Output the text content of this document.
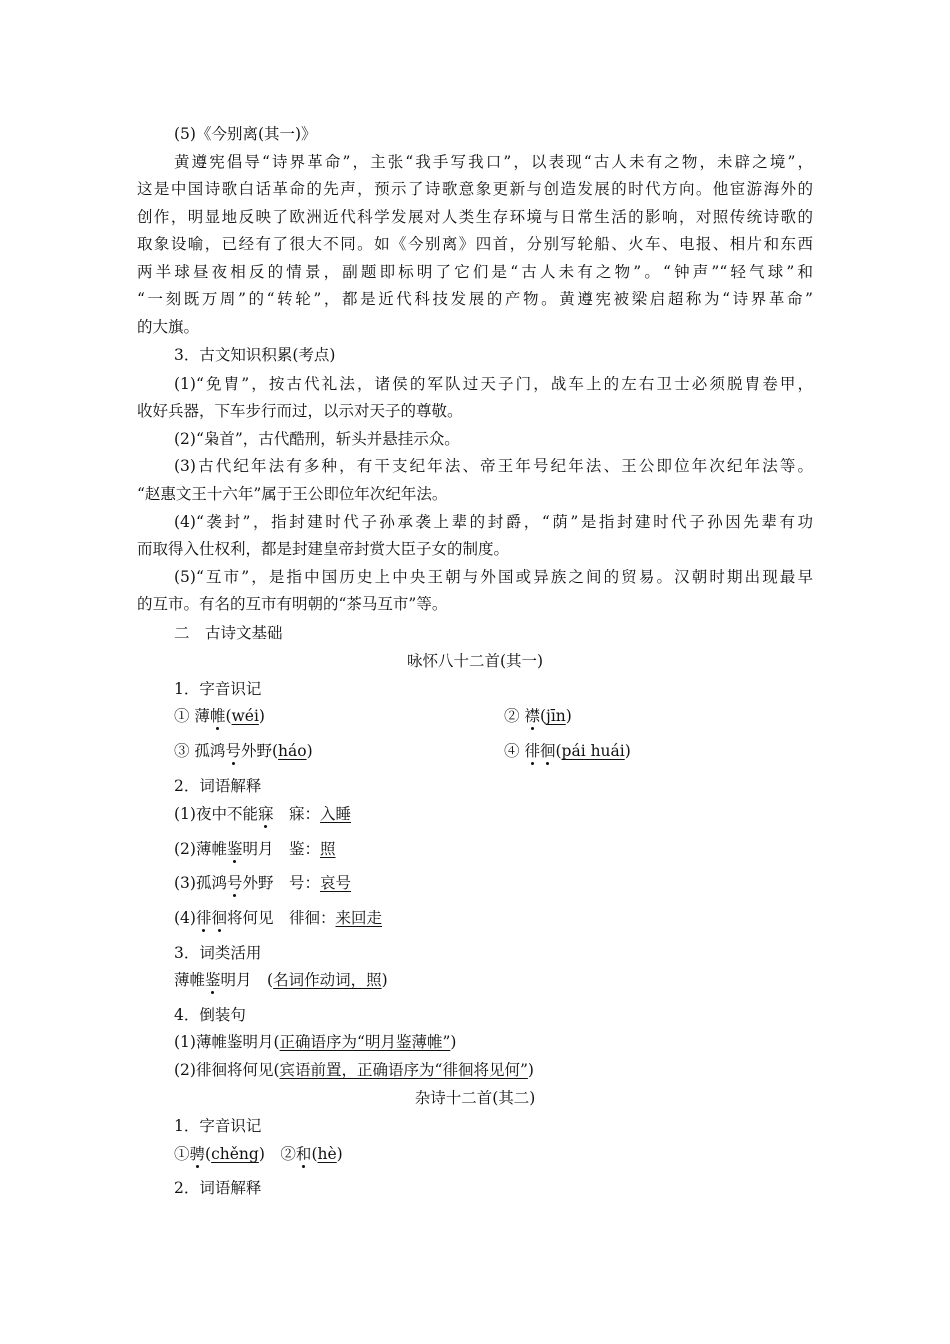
(5)《今别离(其一)》
黄遵宪倡导“诗界革命”，主张“我手写我口”，以表现“古人未有之物，未辟之境”，
这是中国诗歌白话革命的先声，预示了诗歌意象更新与创造发展的时代方向。他宦游海外的
创作，明显地反映了欧洲近代科学发展对人类生存环境与日常生活的影响，对照传统诗歌的
取象设喻，已经有了很大不同。如《今别离》四首，分别写轮船、火车、电报、相片和东西
两半球昼夜相反的情景，副题即标明了它们是“古人未有之物”。“钟声”“轻气球”和
“一刻既万周”的“转轮”，都是近代科技发展的产物。黄遵宪被梁启超称为“诗界革命”
的大旗。
3．古文知识积累(考点)
(1)“免胄”，按古代礼法，诸侯的军队过天子门，战车上的左右卫士必须脱胄卷甲，
收好兵器，下车步行而过，以示对天子的尊敬。
(2)“枭首”，古代酷刑，斩头并悬挂示众。
(3)古代纪年法有多种，有干支纪年法、帝王年号纪年法、王公即位年次纪年法等。
“赵惠文王十六年”属于王公即位年次纪年法。
(4)“袭封”，指封建时代子孙承袭上辈的封爵，“荫”是指封建时代子孙因先辈有功
而取得入仕权利，都是封建皇帝封赏大臣子女的制度。
(5)“互市”，是指中国历史上中央王朝与外国或异族之间的贸易。汉朝时期出现最早
的互市。有名的互市有明朝的“茶马互市”等。
二　古诗文基础
咏怀八十二首(其一)
1．字音识记
① 薄帷(wéi)	② 襟(jīn)
③ 孤鸿号外野(háo)	④ 徘徊(pái huái)
2．词语解释
(1)夜中不能寐　寐：入睡
(2)薄帷鉴明月　鉴：照
(3)孤鸿号外野　号：哀号
(4)徘徊将何见　徘徊：来回走
3．词类活用
薄帷鉴明月　(名词作动词，照)
4．倒装句
(1)薄帷鉴明月(正确语序为“明月鉴薄帷”)
(2)徘徊将何见(宾语前置，正确语序为“徘徊将见何”)
杂诗十二首(其二)
1．字音识记
①骋(chěng)　②和(hè)
2．词语解释
